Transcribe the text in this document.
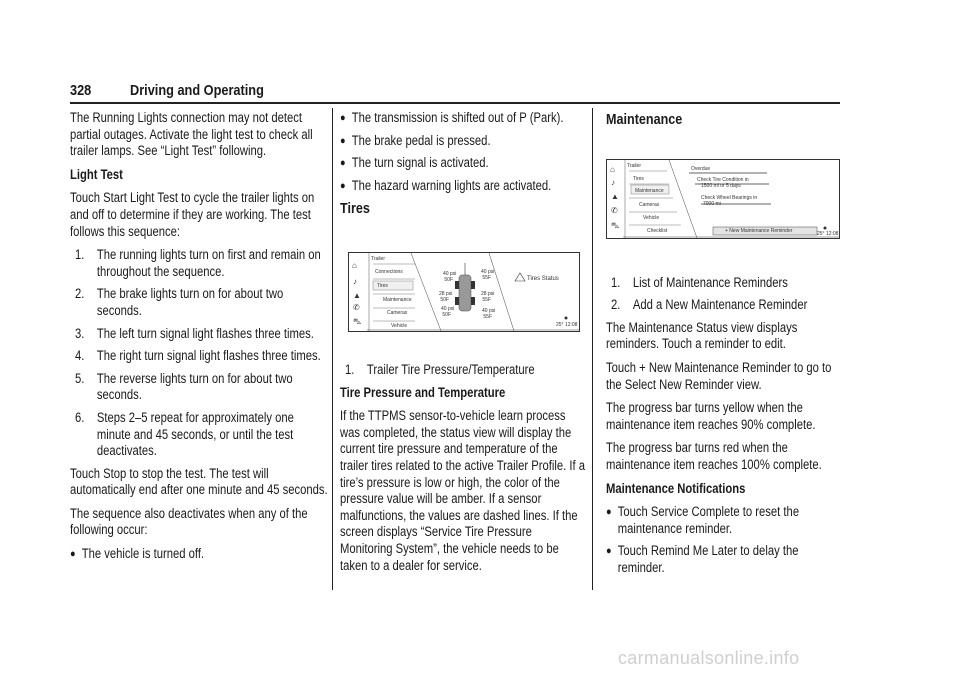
328	Driving and Operating

The Running Lights connection may not detect partial outages. Activate the light test to check all trailer lamps. See “Light Test” following.

Light Test

Touch Start Light Test to cycle the trailer lights on and off to determine if they are working. The test follows this sequence:

1. The running lights turn on first and remain on throughout the sequence.
2. The brake lights turn on for about two seconds.
3. The left turn signal light flashes three times.
4. The right turn signal light flashes three times.
5. The reverse lights turn on for about two seconds.
6. Steps 2–5 repeat for approximately one minute and 45 seconds, or until the test deactivates.

Touch Stop to stop the test. The test will automatically end after one minute and 45 seconds.

The sequence also deactivates when any of the following occur:

● The vehicle is turned off.
● The transmission is shifted out of P (Park).
● The brake pedal is pressed.
● The turn signal is activated.
● The hazard warning lights are activated.
Tires
Trailer
⌂
♪
▲
✆
⛍
Connections
Tires
Maintenance
Cameras
Vehicle
40 psi
50F
40 psi
55F
28 psi
50F
28 psi
55F
40 psi
50F
40 psi
55F
Tires Status
25° 12:08
1. Trailer Tire Pressure/Temperature

Tire Pressure and Temperature

If the TTPMS sensor-to-vehicle learn process was completed, the status view will display the current tire pressure and temperature of the trailer tires related to the active Trailer Profile. If a tire’s pressure is low or high, the color of the pressure value will be amber. If a sensor malfunctions, the values are dashed lines. If the screen displays “Service Tire Pressure Monitoring System”, the vehicle needs to be taken to a dealer for service.

Maintenance
Trailer
⌂
♪
▲
✆
⛍
Tires
Maintenance
Cameras
Vehicle
Checklist
Overdue
Check Tire Condition in
1500 mi or 5 days
Check Wheel Bearings in
7000 mi
+ New Maintenance Reminder	25° 12:08
1. List of Maintenance Reminders
2. Add a New Maintenance Reminder

The Maintenance Status view displays reminders. Touch a reminder to edit.

Touch + New Maintenance Reminder to go to the Select New Reminder view.

The progress bar turns yellow when the maintenance item reaches 90% complete.

The progress bar turns red when the maintenance item reaches 100% complete.

Maintenance Notifications

● Touch Service Complete to reset the maintenance reminder.
● Touch Remind Me Later to delay the reminder.
carmanualsonline.info
